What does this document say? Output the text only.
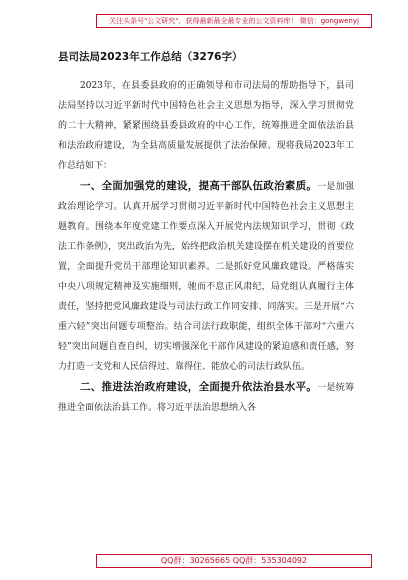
关注头条号"公文研究"，获得最新最全最专业的公文资料库！ 微信：gongwenyj
县司法局2023年工作总结（3276字）

2023年，在县委县政府的正确领导和市司法局的帮助指导下，县司法局坚持以习近平新时代中国特色社会主义思想为指导，深入学习贯彻党的二十大精神，紧紧围绕县委县政府的中心工作，统筹推进全面依法治县和法治政府建设，为全县高质量发展提供了法治保障。现将我局2023年工作总结如下：

一、全面加强党的建设，提高干部队伍政治素质。一是加强政治理论学习。认真开展学习贯彻习近平新时代中国特色社会主义思想主题教育。围绕本年度党建工作要点深入开展党内法规知识学习，贯彻《政法工作条例》，突出政治为先，始终把政治机关建设摆在机关建设的首要位置，全面提升党员干部理论知识素养。二是抓好党风廉政建设。严格落实中央八项规定精神及实施细则，驰而不息正风肃纪，局党组认真履行主体责任，坚持把党风廉政建设与司法行政工作同安排、同落实。三是开展“六重六轻”突出问题专项整治。结合司法行政职能，组织全体干部对“六重六轻”突出问题自查自纠，切实增强深化干部作风建设的紧迫感和责任感，努力打造一支党和人民信得过、靠得住、能放心的司法行政队伍。

二、推进法治政府建设，全面提升依法治县水平。一是统筹推进全面依法治县工作。将习近平法治思想纳入各

QQ群：30265665 QQ群：535304092
